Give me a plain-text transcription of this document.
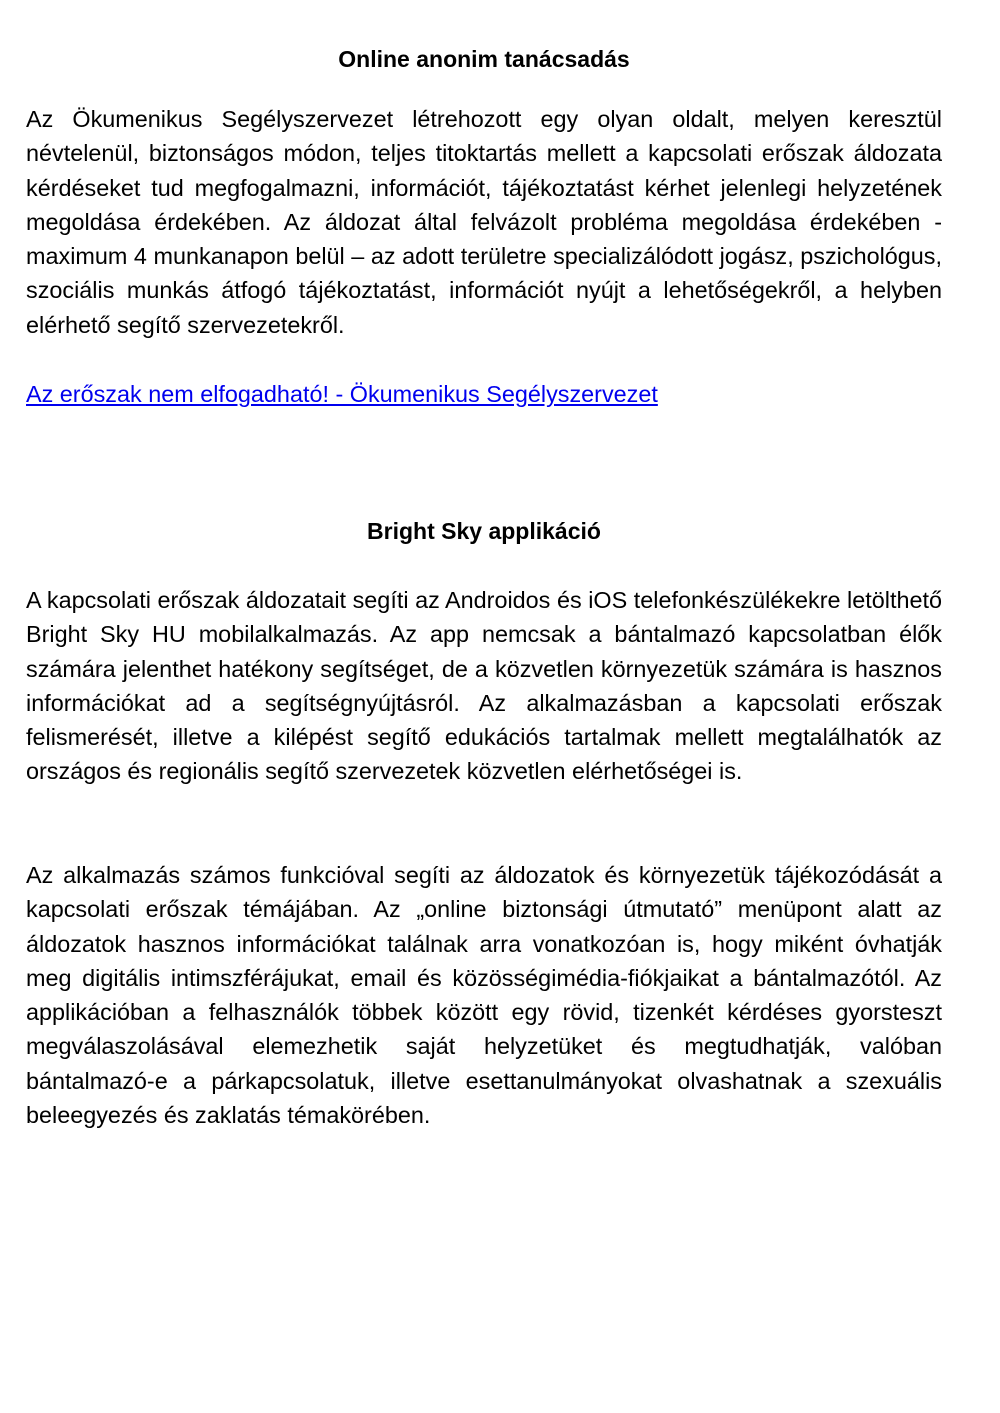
Online anonim tanácsadás

Az Ökumenikus Segélyszervezet létrehozott egy olyan oldalt, melyen keresztül névtelenül, biztonságos módon, teljes titoktartás mellett a kapcsolati erőszak áldozata kérdéseket tud megfogalmazni, információt, tájékoztatást kérhet jelenlegi helyzetének megoldása érdekében. Az áldozat által felvázolt probléma megoldása érdekében - maximum 4 munkanapon belül – az adott területre specializálódott jogász, pszichológus, szociális munkás átfogó tájékoztatást, információt nyújt a lehetőségekről, a helyben elérhető segítő szervezetekről.

Az erőszak nem elfogadható! - Ökumenikus Segélyszervezet
Bright Sky applikáció

A kapcsolati erőszak áldozatait segíti az Androidos és iOS telefonkészülékekre letölthető Bright Sky HU mobilalkalmazás. Az app nemcsak a bántalmazó kapcsolatban élők számára jelenthet hatékony segítséget, de a közvetlen környezetük számára is hasznos információkat ad a segítségnyújtásról. Az alkalmazásban a kapcsolati erőszak felismerését, illetve a kilépést segítő edukációs tartalmak mellett megtalálhatók az országos és regionális segítő szervezetek közvetlen elérhetőségei is.

Az alkalmazás számos funkcióval segíti az áldozatok és környezetük tájékozódását a kapcsolati erőszak témájában. Az „online biztonsági útmutató” menüpont alatt az áldozatok hasznos információkat találnak arra vonatkozóan is, hogy miként óvhatják meg digitális intimszférájukat, email és közösségimédia-fiókjaikat a bántalmazótól. Az applikációban a felhasználók többek között egy rövid, tizenkét kérdéses gyorsteszt megválaszolásával elemezhetik saját helyzetüket és megtudhatják, valóban bántalmazó-e a párkapcsolatuk, illetve esettanulmányokat olvashatnak a szexuális beleegyezés és zaklatás témakörében.
